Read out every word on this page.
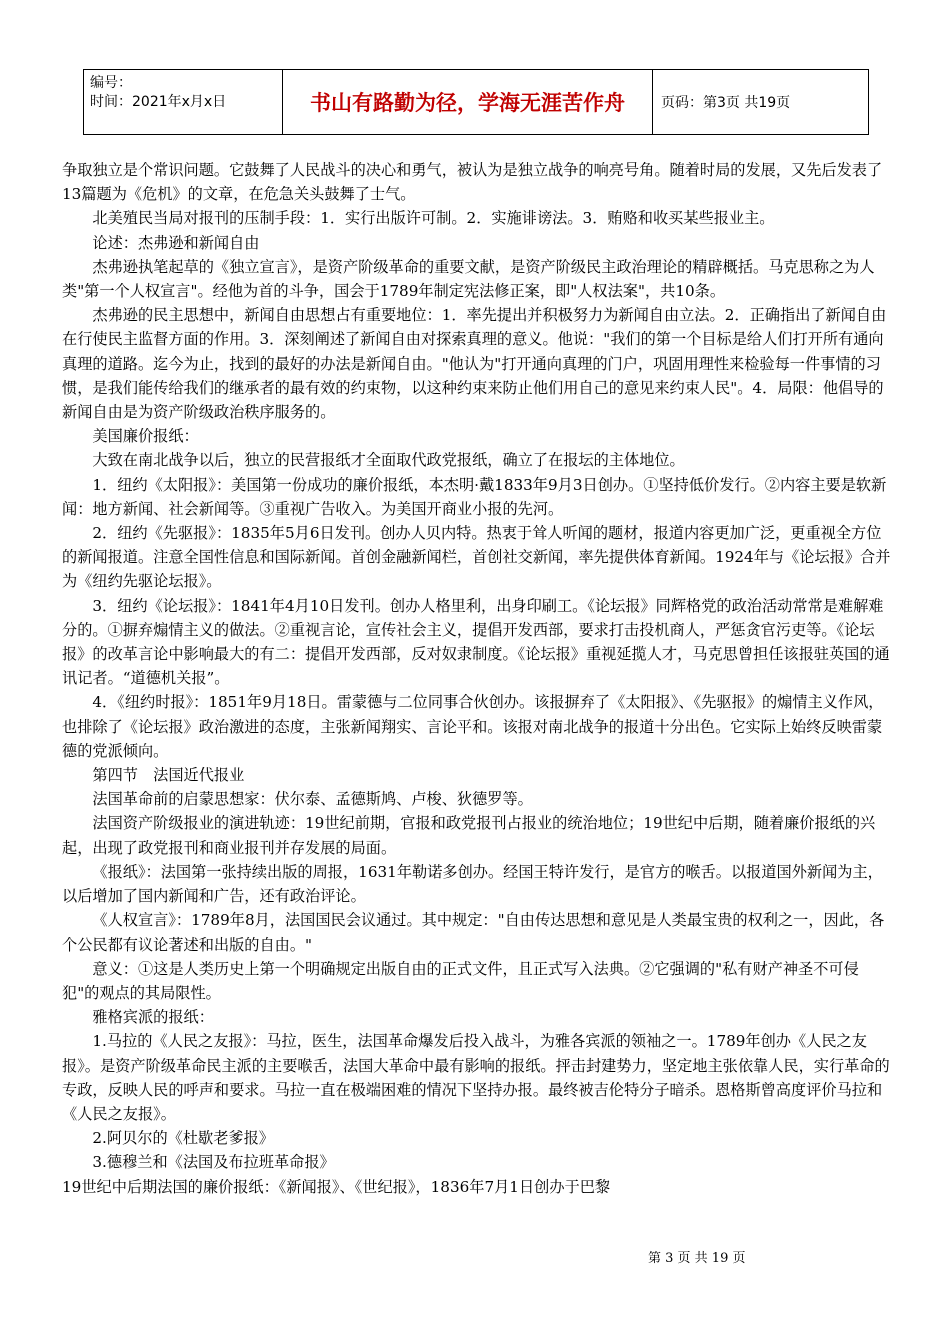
编号：
时间：2021年x月x日	书山有路勤为径，学海无涯苦作舟	页码：第3页 共19页

争取独立是个常识问题。它鼓舞了人民战斗的决心和勇气，被认为是独立战争的响亮号角。随着时局的发展，又先后发表了13篇题为《危机》的文章，在危急关头鼓舞了士气。

北美殖民当局对报刊的压制手段：1．实行出版许可制。2．实施诽谤法。3．贿赂和收买某些报业主。

论述：杰弗逊和新闻自由

杰弗逊执笔起草的《独立宣言》，是资产阶级革命的重要文献，是资产阶级民主政治理论的精辟概括。马克思称之为人类"第一个人权宣言"。经他为首的斗争，国会于1789年制定宪法修正案，即"人权法案"，共10条。

杰弗逊的民主思想中，新闻自由思想占有重要地位：1．率先提出并积极努力为新闻自由立法。2．正确指出了新闻自由在行使民主监督方面的作用。3．深刻阐述了新闻自由对探索真理的意义。他说："我们的第一个目标是给人们打开所有通向真理的道路。迄今为止，找到的最好的办法是新闻自由。"他认为"打开通向真理的门户，巩固用理性来检验每一件事情的习惯，是我们能传给我们的继承者的最有效的约束物，以这种约束来防止他们用自己的意见来约束人民"。4．局限：他倡导的新闻自由是为资产阶级政治秩序服务的。

美国廉价报纸：

大致在南北战争以后，独立的民营报纸才全面取代政党报纸，确立了在报坛的主体地位。

1．纽约《太阳报》：美国第一份成功的廉价报纸，本杰明·戴1833年9月3日创办。①坚持低价发行。②内容主要是软新闻：地方新闻、社会新闻等。③重视广告收入。为美国开商业小报的先河。

2．纽约《先驱报》：1835年5月6日发刊。创办人贝内特。热衷于耸人听闻的题材，报道内容更加广泛，更重视全方位的新闻报道。注意全国性信息和国际新闻。首创金融新闻栏，首创社交新闻，率先提供体育新闻。1924年与《论坛报》合并为《纽约先驱论坛报》。

3．纽约《论坛报》：1841年4月10日发刊。创办人格里利，出身印刷工。《论坛报》同辉格党的政治活动常常是难解难分的。①摒弃煽情主义的做法。②重视言论，宣传社会主义，提倡开发西部，要求打击投机商人，严惩贪官污吏等。《论坛报》的改革言论中影响最大的有二：提倡开发西部，反对奴隶制度。《论坛报》重视延揽人才，马克思曾担任该报驻英国的通讯记者。“道德机关报”。

4．《纽约时报》：1851年9月18日。雷蒙德与二位同事合伙创办。该报摒弃了《太阳报》、《先驱报》的煽情主义作风，也排除了《论坛报》政治激进的态度，主张新闻翔实、言论平和。该报对南北战争的报道十分出色。它实际上始终反映雷蒙德的党派倾向。

第四节　法国近代报业

法国革命前的启蒙思想家：伏尔泰、孟德斯鸠、卢梭、狄德罗等。

法国资产阶级报业的演进轨迹：19世纪前期，官报和政党报刊占报业的统治地位；19世纪中后期，随着廉价报纸的兴起，出现了政党报刊和商业报刊并存发展的局面。

《报纸》：法国第一张持续出版的周报，1631年勒诺多创办。经国王特许发行，是官方的喉舌。以报道国外新闻为主，以后增加了国内新闻和广告，还有政治评论。

《人权宣言》：1789年8月，法国国民会议通过。其中规定："自由传达思想和意见是人类最宝贵的权利之一，因此，各个公民都有议论著述和出版的自由。"

意义：①这是人类历史上第一个明确规定出版自由的正式文件，且正式写入法典。②它强调的"私有财产神圣不可侵犯"的观点的其局限性。

雅格宾派的报纸：

1.马拉的《人民之友报》：马拉，医生，法国革命爆发后投入战斗，为雅各宾派的领袖之一。1789年创办《人民之友报》。是资产阶级革命民主派的主要喉舌，法国大革命中最有影响的报纸。抨击封建势力，坚定地主张依靠人民，实行革命的专政，反映人民的呼声和要求。马拉一直在极端困难的情况下坚持办报。最终被吉伦特分子暗杀。恩格斯曾高度评价马拉和《人民之友报》。

2.阿贝尔的《杜歇老爹报》

3.德穆兰和《法国及布拉班革命报》

19世纪中后期法国的廉价报纸：《新闻报》、《世纪报》，1836年7月1日创办于巴黎

第 3 页 共 19 页
